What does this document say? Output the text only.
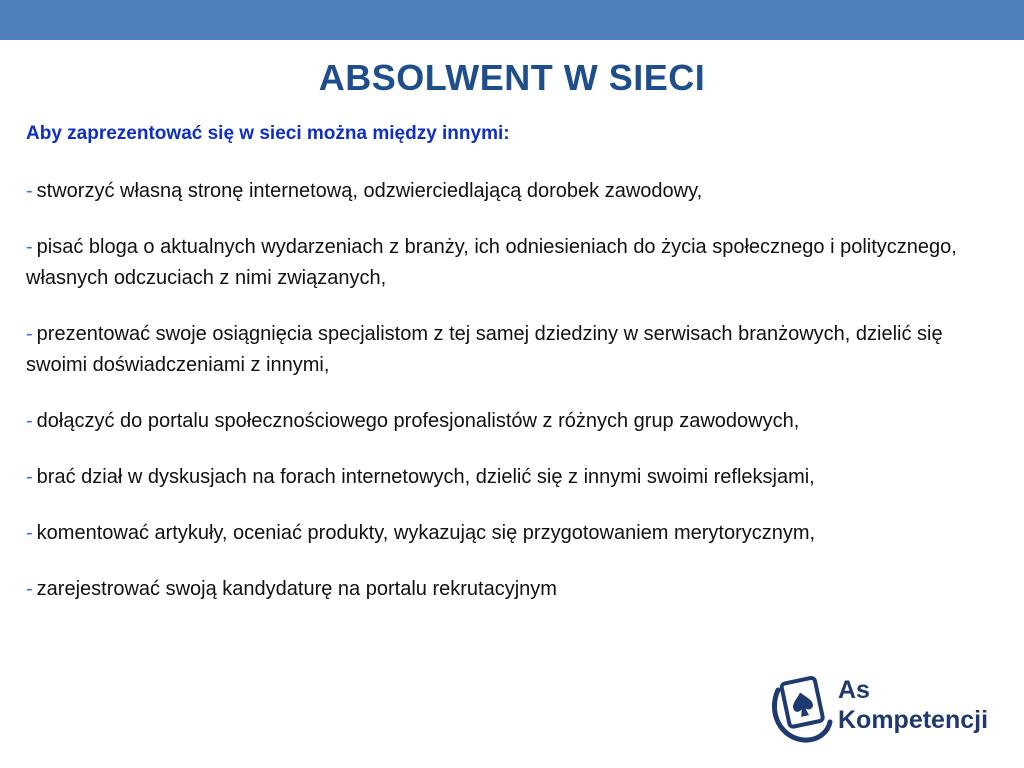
ABSOLWENT W SIECI
Aby zaprezentować się w sieci można między innymi:
- stworzyć własną stronę internetową, odzwierciedlającą dorobek zawodowy,
- pisać bloga o aktualnych wydarzeniach z branży, ich odniesieniach do życia społecznego i politycznego, własnych odczuciach z nimi związanych,
- prezentować swoje osiągnięcia specjalistom z tej samej dziedziny w serwisach branżowych, dzielić się swoimi doświadczeniami z innymi,
- dołączyć do portalu społecznościowego profesjonalistów z różnych grup zawodowych,
- brać dział w dyskusjach na forach internetowych, dzielić się z innymi swoimi refleksjami,
- komentować artykuły, oceniać produkty, wykazując się przygotowaniem merytorycznym,
- zarejestrować swoją kandydaturę na portalu rekrutacyjnym
As
Kompetencji
